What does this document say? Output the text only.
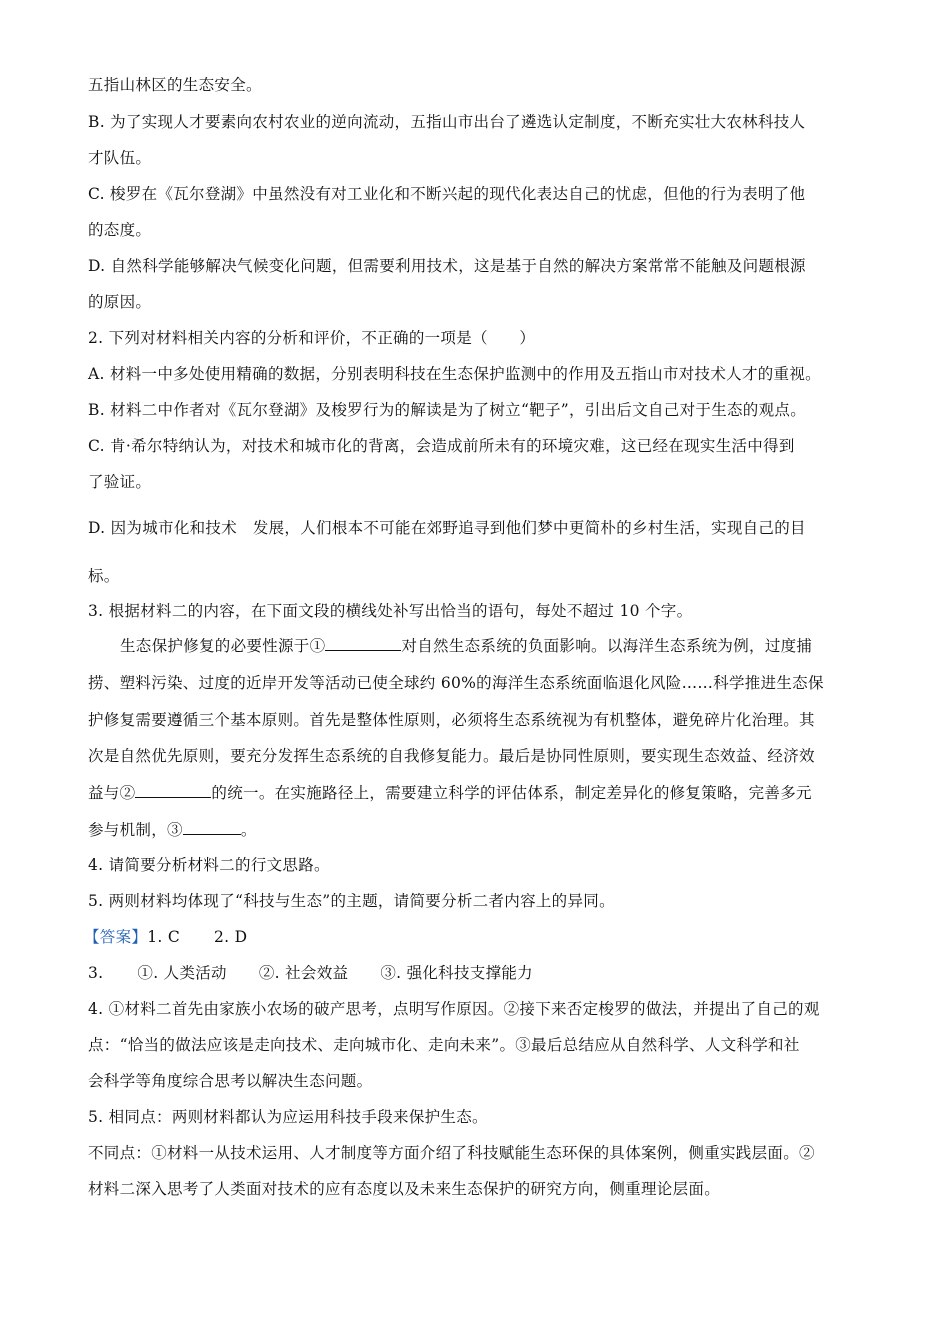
五指山林区的生态安全。
B. 为了实现人才要素向农村农业的逆向流动，五指山市出台了遴选认定制度，不断充实壮大农林科技人
才队伍。
C. 梭罗在《瓦尔登湖》中虽然没有对工业化和不断兴起的现代化表达自己的忧虑，但他的行为表明了他
的态度。
D. 自然科学能够解决气候变化问题，但需要利用技术，这是基于自然的解决方案常常不能触及问题根源
的原因。
2. 下列对材料相关内容的分析和评价，不正确的一项是（　　）
A. 材料一中多处使用精确的数据，分别表明科技在生态保护监测中的作用及五指山市对技术人才的重视。
B. 材料二中作者对《瓦尔登湖》及梭罗行为的解读是为了树立“靶子”，引出后文自己对于生态的观点。
C. 肯·希尔特纳认为，对技术和城市化的背离，会造成前所未有的环境灾难，这已经在现实生活中得到
了验证。
D. 因为城市化和技术　发展，人们根本不可能在郊野追寻到他们梦中更简朴的乡村生活，实现自己的目
标。
3. 根据材料二的内容，在下面文段的横线处补写出恰当的语句，每处不超过 10 个字。
生态保护修复的必要性源于①	对自然生态系统的负面影响。以海洋生态系统为例，过度捕
捞、塑料污染、过度的近岸开发等活动已使全球约 60%的海洋生态系统面临退化风险……科学推进生态保
护修复需要遵循三个基本原则。首先是整体性原则，必须将生态系统视为有机整体，避免碎片化治理。其
次是自然优先原则，要充分发挥生态系统的自我修复能力。最后是协同性原则，要实现生态效益、经济效
益与②	的统一。在实施路径上，需要建立科学的评估体系，制定差异化的修复策略，完善多元
参与机制，③	。
4. 请简要分析材料二的行文思路。
5. 两则材料均体现了“科技与生态”的主题，请简要分析二者内容上的异同。
【答案】1. C 2. D
3. ①. 人类活动 ②. 社会效益 ③. 强化科技支撑能力
4. ①材料二首先由家族小农场的破产思考，点明写作原因。②接下来否定梭罗的做法，并提出了自己的观
点：“恰当的做法应该是走向技术、走向城市化、走向未来”。③最后总结应从自然科学、人文科学和社
会科学等角度综合思考以解决生态问题。
5. 相同点：两则材料都认为应运用科技手段来保护生态。
不同点：①材料一从技术运用、人才制度等方面介绍了科技赋能生态环保的具体案例，侧重实践层面。②
材料二深入思考了人类面对技术的应有态度以及未来生态保护的研究方向，侧重理论层面。
